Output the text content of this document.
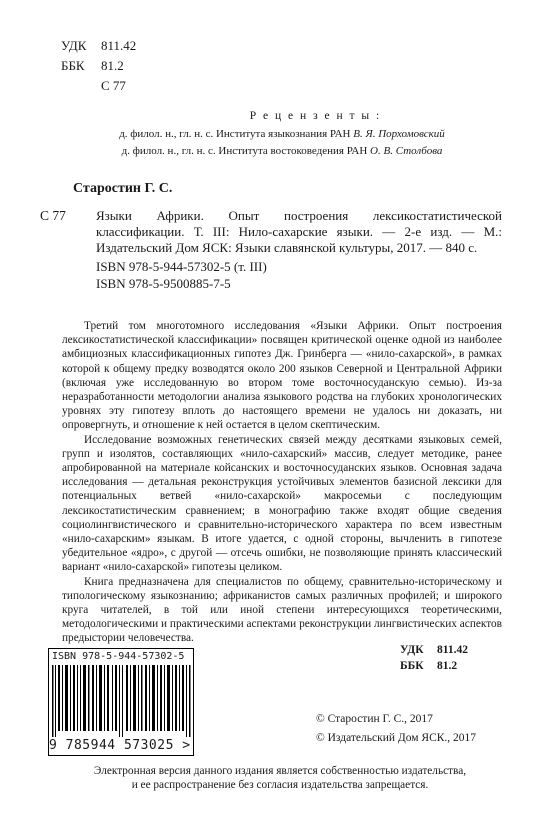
УДК 811.42
ББК 81.2
С 77
Р е ц е н з е н т ы :
д. филол. н., гл. н. с. Института языкознания РАН В. Я. Порхомовский
д. филол. н., гл. н. с. Института востоковедения РАН О. В. Столбова
Старостин Г. С.
С 77 Языки Африки. Опыт построения лексикостатистической классификации. Т. III: Нило-сахарские языки. — 2-е изд. — М.: Издательский Дом ЯСК: Языки славянской культуры, 2017. — 840 с.
ISBN 978-5-944-57302-5 (т. III)
ISBN 978-5-9500885-7-5

Третий том многотомного исследования «Языки Африки. Опыт построения лексикостатистической классификации» посвящен критической оценке одной из наиболее амбициозных классификационных гипотез Дж. Гринберга — «нило-сахарской», в рамках которой к общему предку возводятся около 200 языков Северной и Центральной Африки (включая уже исследованную во втором томе восточносуданскую семью). Из-за неразработанности методологии анализа языкового родства на глубоких хронологических уровнях эту гипотезу вплоть до настоящего времени не удалось ни доказать, ни опровергнуть, и отношение к ней остается в целом скептическим.

Исследование возможных генетических связей между десятками языковых семей, групп и изолятов, составляющих «нило-сахарский» массив, следует методике, ранее апробированной на материале койсанских и восточносуданских языков. Основная задача исследования — детальная реконструкция устойчивых элементов базисной лексики для потенциальных ветвей «нило-сахарской» макросемьи с последующим лексикостатистическим сравнением; в монографию также входят общие сведения социолингвистического и сравнительно-исторического характера по всем известным «нило-сахарским» языкам. В итоге удается, с одной стороны, вычленить в гипотезе убедительное «ядро», с другой — отсечь ошибки, не позволяющие принять классический вариант «нило-сахарской» гипотезы целиком.

Книга предназначена для специалистов по общему, сравнительно-историческому и типологическому языкознанию; африканистов самых различных профилей; и широкого круга читателей, в той или иной степени интересующихся теоретическими, методологическими и практическими аспектами реконструкции лингвистических аспектов предыстории человечества.

ISBN 978-5-944-57302-5
9 785944 573025 >
УДК 811.42
ББК 81.2
© Старостин Г. С., 2017
© Издательский Дом ЯСК., 2017
Электронная версия данного издания является собственностью издательства,
и ее распространение без согласия издательства запрещается.
